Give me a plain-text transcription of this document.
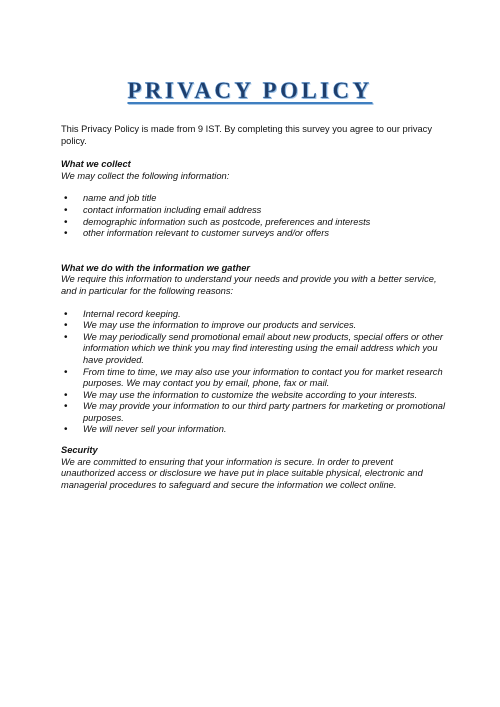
PRIVACY POLICY

This Privacy Policy is made from 9 IST. By completing this survey you agree to our privacy policy.

What we collect

We may collect the following information:

• name and job title
• contact information including email address
• demographic information such as postcode, preferences and interests
• other information relevant to customer surveys and/or offers
What we do with the information we gather

We require this information to understand your needs and provide you with a better service, and in particular for the following reasons:

• Internal record keeping.
• We may use the information to improve our products and services.
• We may periodically send promotional email about new products, special offers or other information which we think you may find interesting using the email address which you have provided.
• From time to time, we may also use your information to contact you for market research purposes. We may contact you by email, phone, fax or mail.
• We may use the information to customize the website according to your interests.
• We may provide your information to our third party partners for marketing or promotional purposes.
• We will never sell your information.
Security

We are committed to ensuring that your information is secure. In order to prevent unauthorized access or disclosure we have put in place suitable physical, electronic and managerial procedures to safeguard and secure the information we collect online.
